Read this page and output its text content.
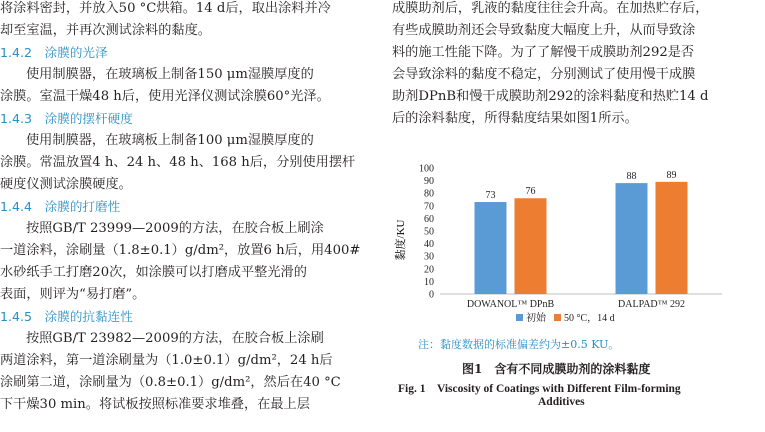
将涂料密封，并放入50 °C烘箱。14 d后，取出涂料并冷
却至室温，并再次测试涂料的黏度。
1.4.2　涂膜的光泽
使用制膜器，在玻璃板上制备150 μm湿膜厚度的
涂膜。室温干燥48 h后，使用光泽仪测试涂膜60°光泽。
1.4.3　涂膜的摆杆硬度
使用制膜器，在玻璃板上制备100 μm湿膜厚度的
涂膜。常温放置4 h、24 h、48 h、168 h后，分别使用摆杆
硬度仪测试涂膜硬度。
1.4.4　涂膜的打磨性
按照GB/T 23999—2009的方法，在胶合板上刷涂
一道涂料，涂刷量（1.8±0.1）g/dm²，放置6 h后，用400#
水砂纸手工打磨20次，如涂膜可以打磨成平整光滑的
表面，则评为“易打磨”。
1.4.5　涂膜的抗黏连性
按照GB/T 23982—2009的方法，在胶合板上涂刷
两道涂料，第一道涂刷量为（1.0±0.1）g/dm²，24 h后
涂刷第二道，涂刷量为（0.8±0.1）g/dm²，然后在40 °C
下干燥30 min。将试板按照标准要求堆叠，在最上层
成膜助剂后，乳液的黏度往往会升高。在加热贮存后，
有些成膜助剂还会导致黏度大幅度上升，从而导致涂
料的施工性能下降。为了了解慢干成膜助剂292是否
会导致涂料的黏度不稳定，分别测试了使用慢干成膜
助剂DPnB和慢干成膜助剂292的涂料黏度和热贮14 d
后的涂料黏度，所得黏度结果如图1所示。
黏度/KU
0
10
20
30
40
50
60
70
80
90
100
73	76
88	89
DOWANOL™ DPnB	DALPAD™ 292
初始 50 °C，14 d
注：黏度数据的标准偏差约为±0.5 KU。
图1　含有不同成膜助剂的涂料黏度
Fig. 1　Viscosity of Coatings with Different Film-forming
Additives
